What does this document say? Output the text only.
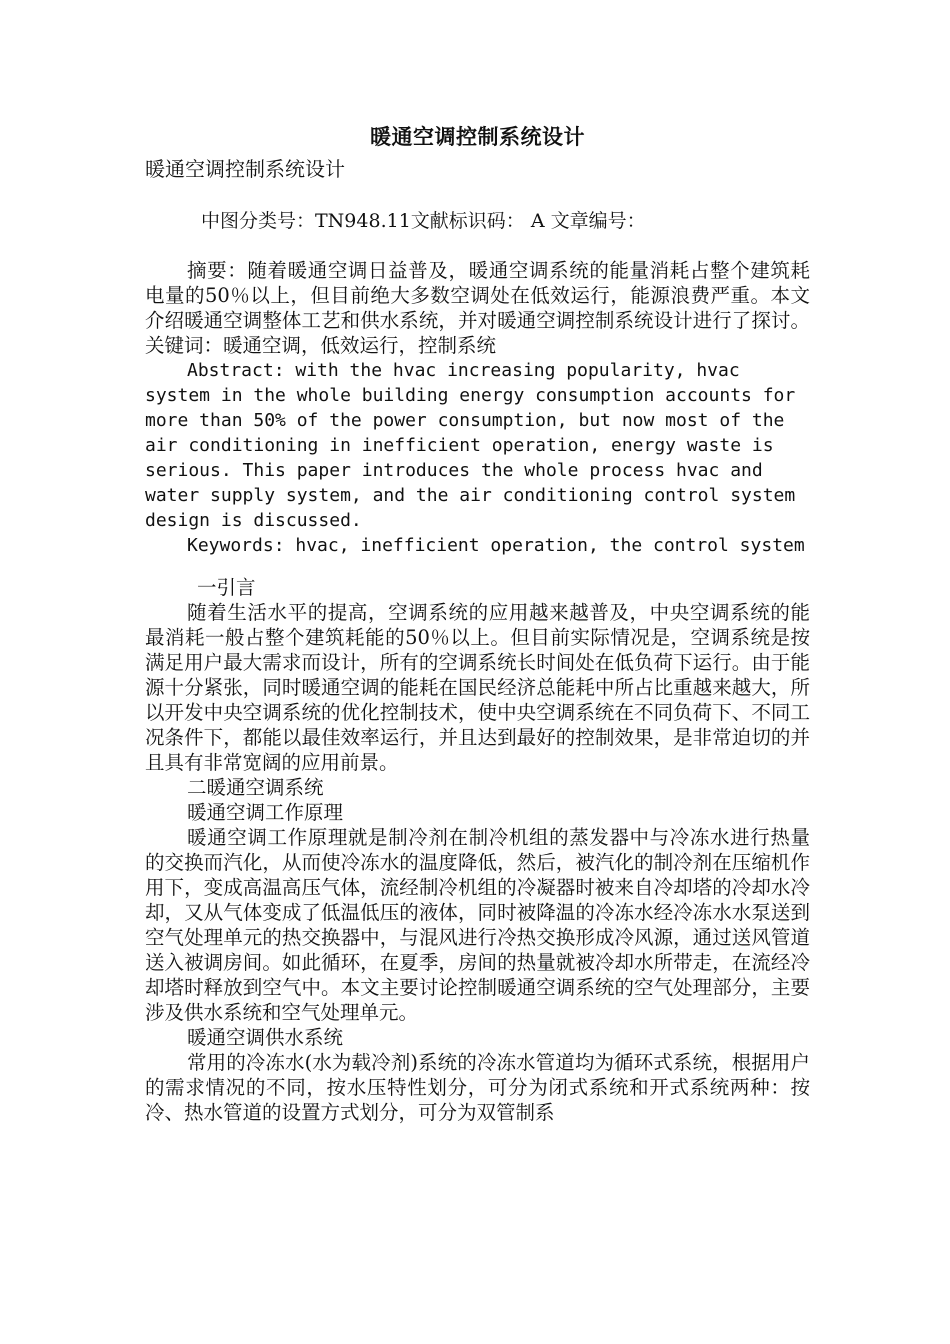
暖通空调控制系统设计

暖通空调控制系统设计

中图分类号：TN948.11文献标识码： A 文章编号：

摘要：随着暖通空调日益普及，暖通空调系统的能量消耗占整个建筑耗电量的50％以上，但目前绝大多数空调处在低效运行，能源浪费严重。本文介绍暖通空调整体工艺和供水系统，并对暖通空调控制系统设计进行了探讨。 关键词：暖通空调，低效运行，控制系统

Abstract: with the hvac increasing popularity, hvac system in the whole building energy consumption accounts for more than 50% of the power consumption, but now most of the air conditioning in inefficient operation, energy waste is serious. This paper introduces the whole process hvac and water supply system, and the air conditioning control system design is discussed.

Keywords: hvac, inefficient operation, the control system

一引言

随着生活水平的提高，空调系统的应用越来越普及，中央空调系统的能最消耗一般占整个建筑耗能的50％以上。但目前实际情况是，空调系统是按满足用户最大需求而设计，所有的空调系统长时间处在低负荷下运行。由于能源十分紧张，同时暖通空调的能耗在国民经济总能耗中所占比重越来越大，所以开发中央空调系统的优化控制技术，使中央空调系统在不同负荷下、不同工况条件下，都能以最佳效率运行，并且达到最好的控制效果，是非常迫切的并且具有非常宽阔的应用前景。

二暖通空调系统

暖通空调工作原理

暖通空调工作原理就是制冷剂在制冷机组的蒸发器中与冷冻水进行热量的交换而汽化，从而使冷冻水的温度降低，然后，被汽化的制冷剂在压缩机作用下，变成高温高压气体，流经制冷机组的冷凝器时被来自冷却塔的冷却水冷却，又从气体变成了低温低压的液体，同时被降温的冷冻水经冷冻水水泵送到空气处理单元的热交换器中，与混风进行冷热交换形成冷风源，通过送风管道送入被调房间。如此循环，在夏季，房间的热量就被冷却水所带走，在流经冷却塔时释放到空气中。本文主要讨论控制暖通空调系统的空气处理部分，主要涉及供水系统和空气处理单元。

暖通空调供水系统

常用的冷冻水(水为载冷剂)系统的冷冻水管道均为循环式系统，根据用户的需求情况的不同，按水压特性划分，可分为闭式系统和开式系统两种：按冷、热水管道的设置方式划分，可分为双管制系
